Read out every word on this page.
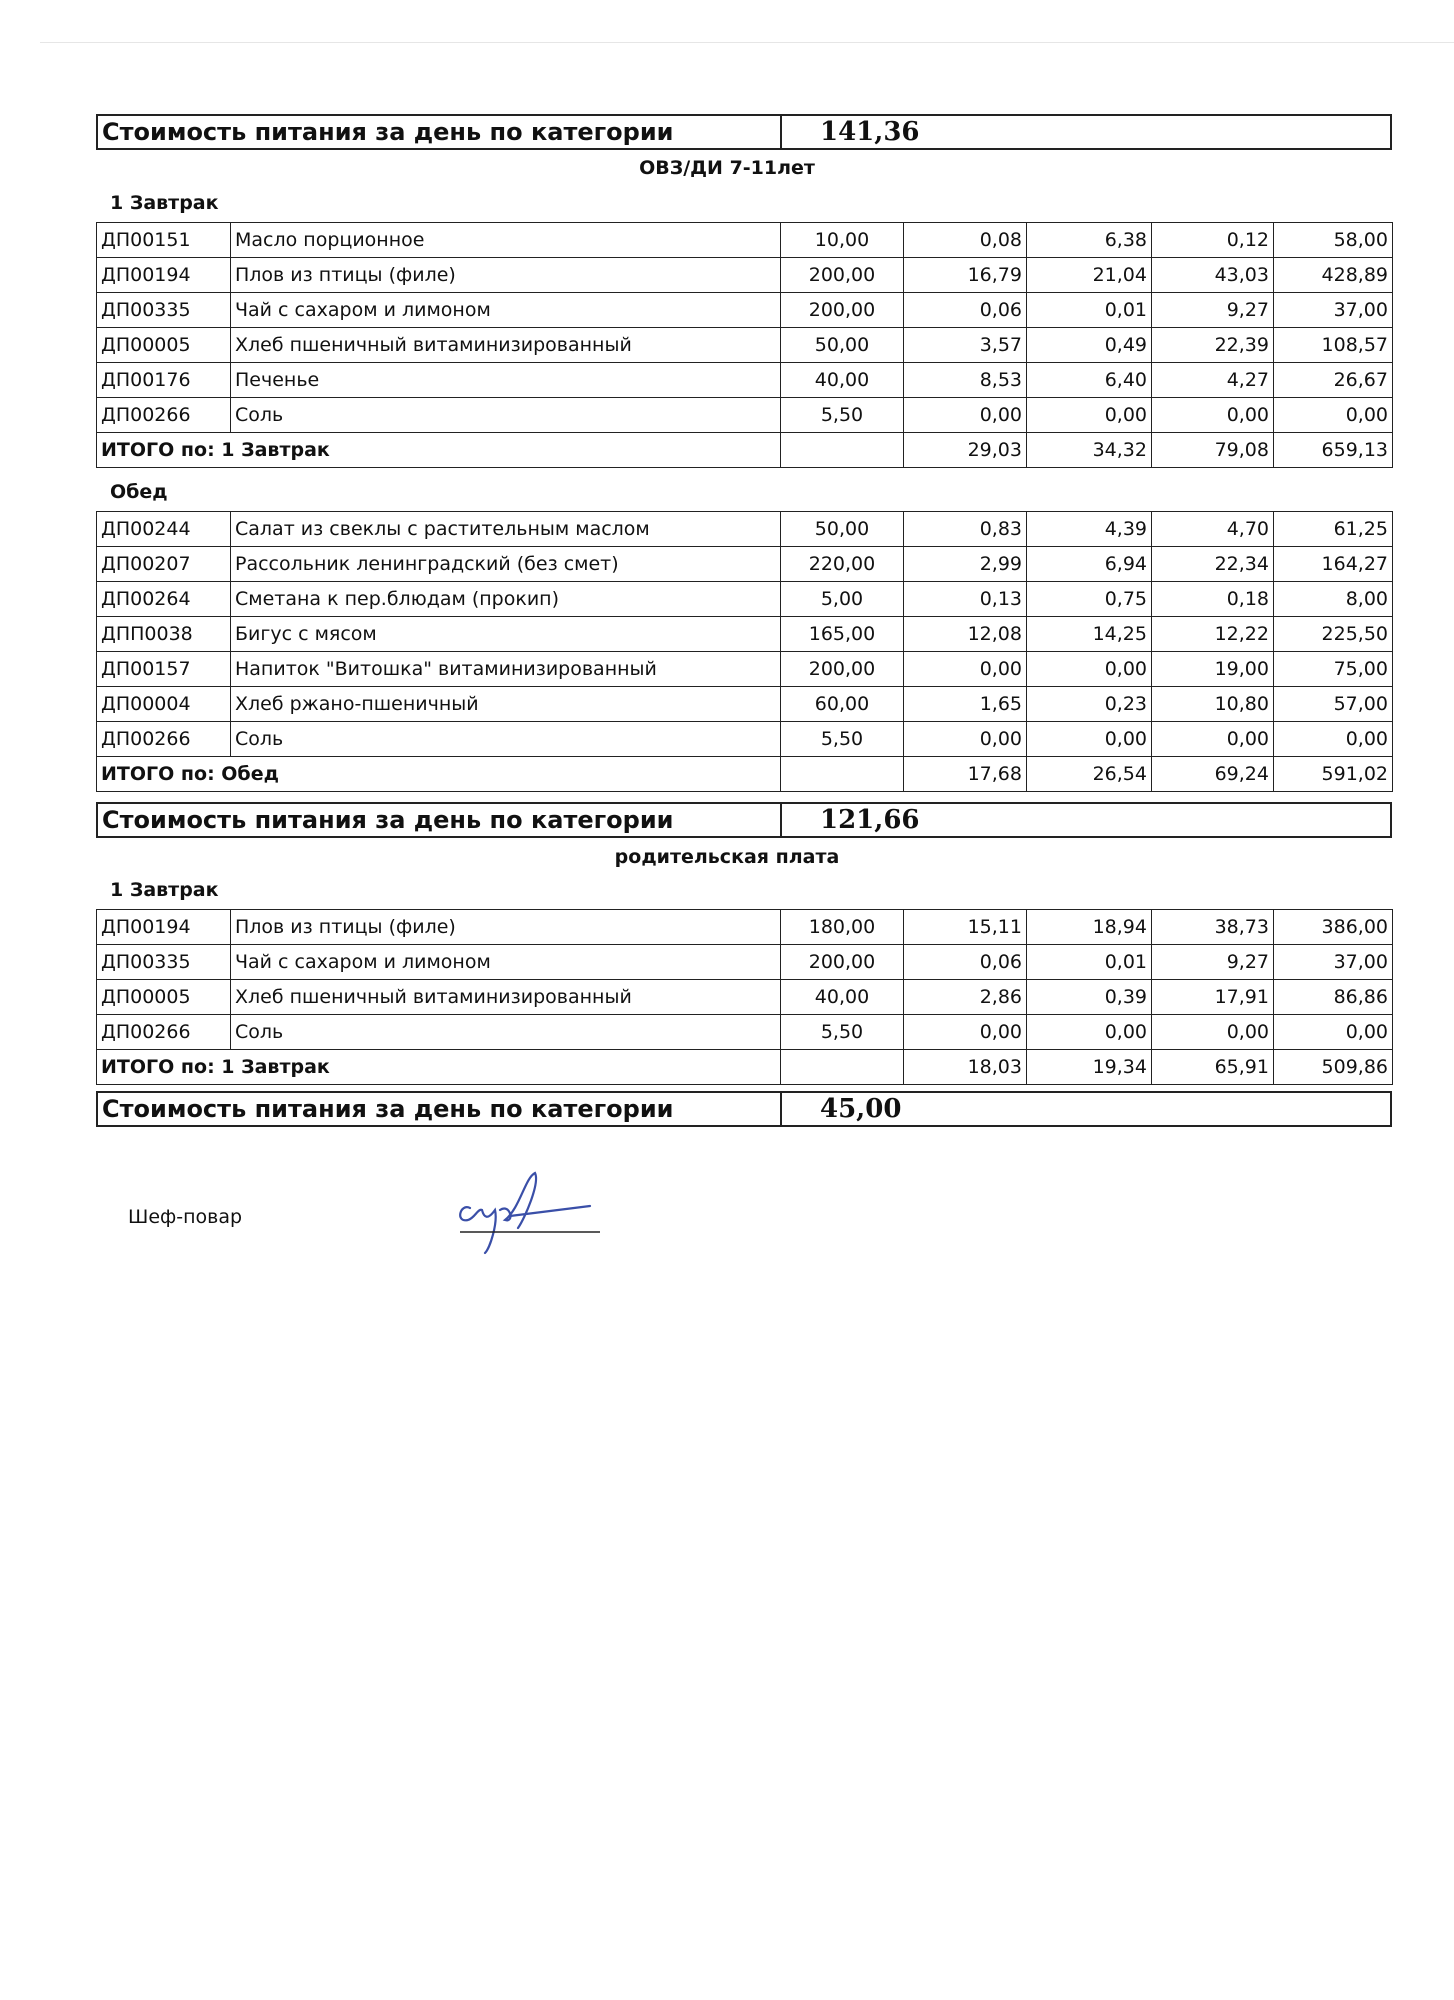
Стоимость питания за день по категории	141,36
ОВЗ/ДИ 7-11лет
1 Завтрак
ДП00151	Масло порционное	10,00	0,08	6,38	0,12	58,00
ДП00194	Плов из птицы (филе)	200,00	16,79	21,04	43,03	428,89
ДП00335	Чай с сахаром и лимоном	200,00	0,06	0,01	9,27	37,00
ДП00005	Хлеб пшеничный витаминизированный	50,00	3,57	0,49	22,39	108,57
ДП00176	Печенье	40,00	8,53	6,40	4,27	26,67
ДП00266	Соль	5,50	0,00	0,00	0,00	0,00
ИТОГО по: 1 Завтрак			29,03	34,32	79,08	659,13
Обед
ДП00244	Салат из свеклы с растительным маслом	50,00	0,83	4,39	4,70	61,25
ДП00207	Рассольник ленинградский (без смет)	220,00	2,99	6,94	22,34	164,27
ДП00264	Сметана к пер.блюдам (прокип)	5,00	0,13	0,75	0,18	8,00
ДПП0038	Бигус с мясом	165,00	12,08	14,25	12,22	225,50
ДП00157	Напиток "Витошка" витаминизированный	200,00	0,00	0,00	19,00	75,00
ДП00004	Хлеб ржано-пшеничный	60,00	1,65	0,23	10,80	57,00
ДП00266	Соль	5,50	0,00	0,00	0,00	0,00
ИТОГО по: Обед			17,68	26,54	69,24	591,02
Стоимость питания за день по категории	121,66
родительская плата
1 Завтрак
ДП00194	Плов из птицы (филе)	180,00	15,11	18,94	38,73	386,00
ДП00335	Чай с сахаром и лимоном	200,00	0,06	0,01	9,27	37,00
ДП00005	Хлеб пшеничный витаминизированный	40,00	2,86	0,39	17,91	86,86
ДП00266	Соль	5,50	0,00	0,00	0,00	0,00
ИТОГО по: 1 Завтрак			18,03	19,34	65,91	509,86
Стоимость питания за день по категории	45,00
Шеф-повар
